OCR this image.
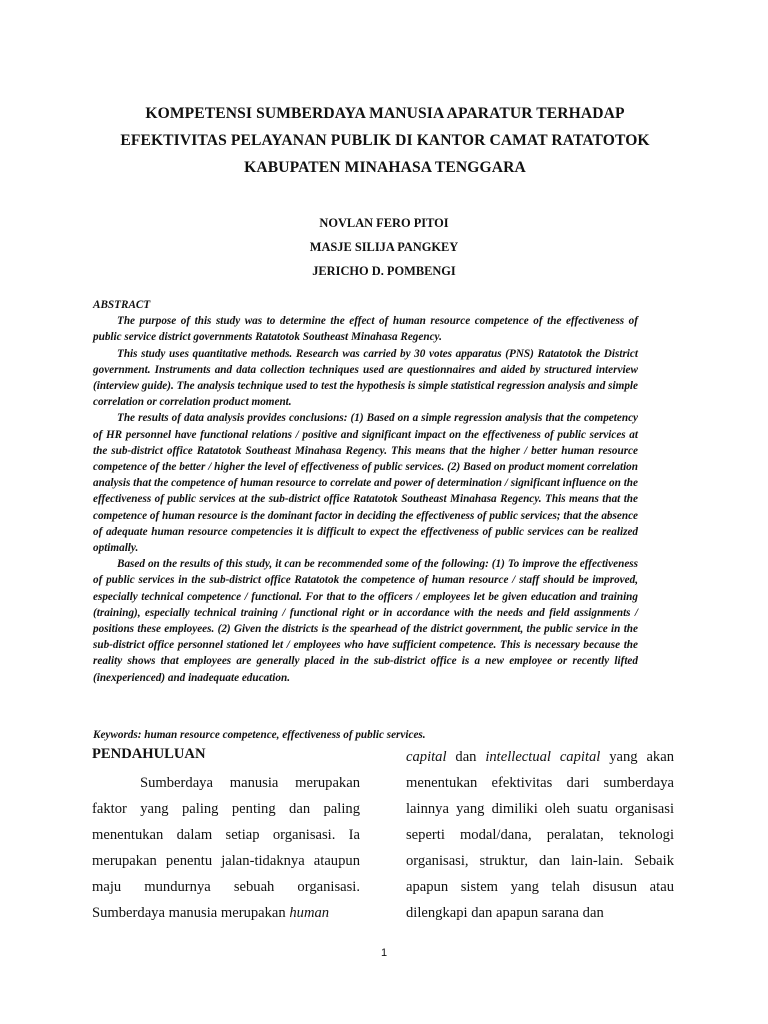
KOMPETENSI SUMBERDAYA MANUSIA APARATUR TERHADAP
EFEKTIVITAS PELAYANAN PUBLIK DI KANTOR CAMAT RATATOTOK
KABUPATEN MINAHASA TENGGARA
NOVLAN FERO PITOI
MASJE SILIJA PANGKEY
JERICHO D. POMBENGI
ABSTRACT

The purpose of this study was to determine the effect of human resource competence of the effectiveness of public service district governments Ratatotok Southeast Minahasa Regency.

This study uses quantitative methods. Research was carried by 30 votes apparatus (PNS) Ratatotok the District government. Instruments and data collection techniques used are questionnaires and aided by structured interview (interview guide). The analysis technique used to test the hypothesis is simple statistical regression analysis and simple correlation or correlation product moment.

The results of data analysis provides conclusions: (1) Based on a simple regression analysis that the competency of HR personnel have functional relations / positive and significant impact on the effectiveness of public services at the sub-district office Ratatotok Southeast Minahasa Regency. This means that the higher / better human resource competence of the better / higher the level of effectiveness of public services. (2) Based on product moment correlation analysis that the competence of human resource to correlate and power of determination / significant influence on the effectiveness of public services at the sub-district office Ratatotok Southeast Minahasa Regency. This means that the competence of human resource is the dominant factor in deciding the effectiveness of public services; that the absence of adequate human resource competencies it is difficult to expect the effectiveness of public services can be realized optimally.

Based on the results of this study, it can be recommended some of the following: (1) To improve the effectiveness of public services in the sub-district office Ratatotok the competence of human resource / staff should be improved, especially technical competence / functional. For that to the officers / employees let be given education and training (training), especially technical training / functional right or in accordance with the needs and field assignments / positions these employees. (2) Given the districts is the spearhead of the district government, the public service in the sub-district office personnel stationed let / employees who have sufficient competence. This is necessary because the reality shows that employees are generally placed in the sub-district office is a new employee or recently lifted (inexperienced) and inadequate education.

Keywords: human resource competence, effectiveness of public services.
PENDAHULUAN

Sumberdaya manusia merupakan faktor yang paling penting dan paling menentukan dalam setiap organisasi. Ia merupakan penentu jalan-tidaknya ataupun maju mundurnya sebuah organisasi. Sumberdaya manusia merupakan human

capital dan intellectual capital yang akan menentukan efektivitas dari sumberdaya lainnya yang dimiliki oleh suatu organisasi seperti modal/dana, peralatan, teknologi organisasi, struktur, dan lain-lain. Sebaik apapun sistem yang telah disusun atau dilengkapi dan apapun sarana dan

1
